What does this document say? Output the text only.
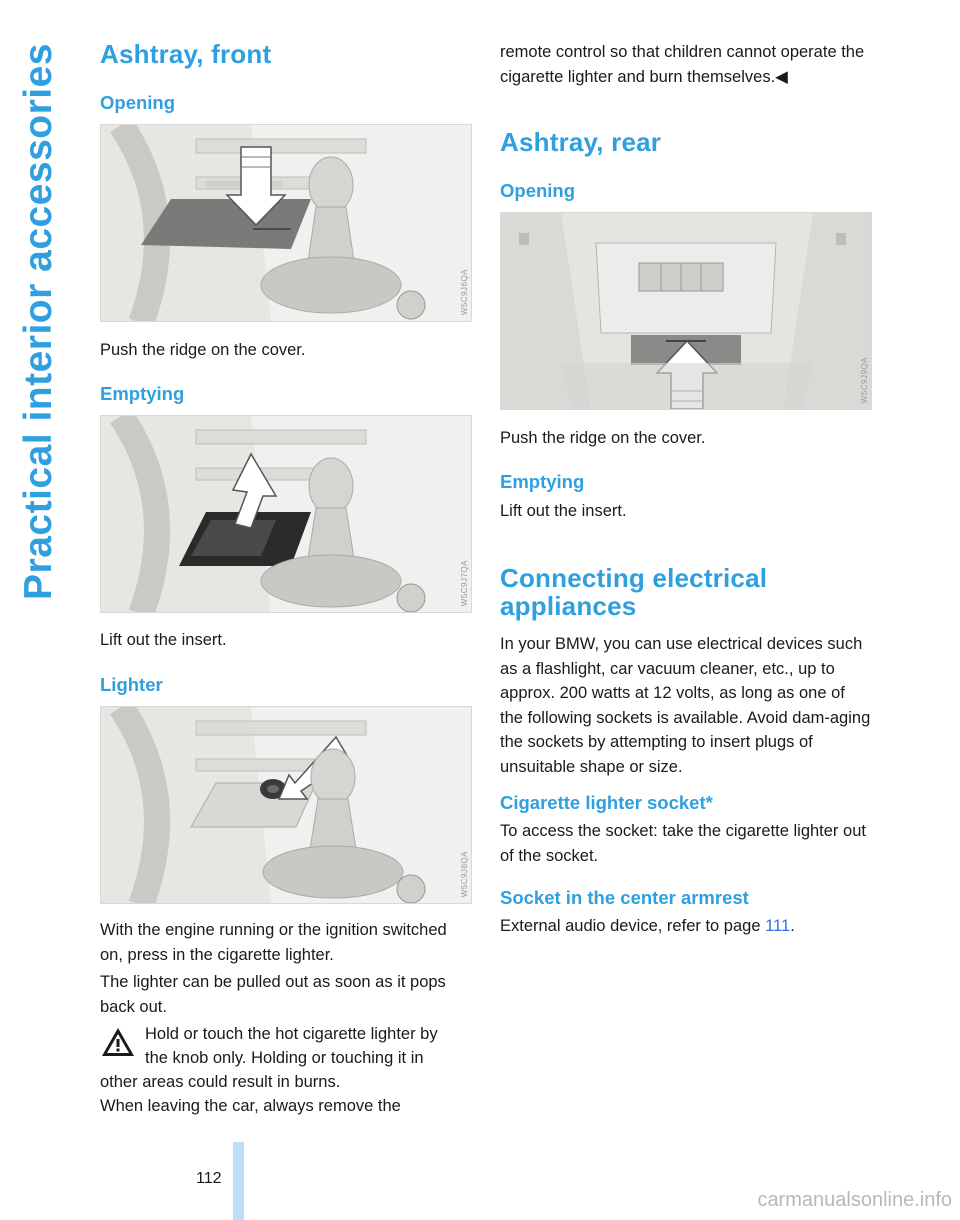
Practical interior accessories Ashtray, front
Opening
W5C9J6QA

Push the ridge on the cover.

Emptying
W5C9J7QA

Lift out the insert.

Lighter
W5C9J8QA

With the engine running or the ignition switched on, press in the cigarette lighter.

The lighter can be pulled out as soon as it pops back out.

Hold or touch the hot cigarette lighter by

the knob only. Holding or touching it in

other areas could result in burns.

When leaving the car, always remove the

remote control so that children cannot operate the cigarette lighter and burn themselves.◀

Ashtray, rear
Opening
W5C9J9QA

Push the ridge on the cover.

Emptying

Lift out the insert.

Connecting electrical
appliances

In your BMW, you can use electrical devices such as a flashlight, car vacuum cleaner, etc., up to approx. 200 watts at 12 volts, as long as one of the following sockets is available. Avoid dam-aging the sockets by attempting to insert plugs of unsuitable shape or size.

Cigarette lighter socket*

To access the socket: take the cigarette lighter out of the socket.

Socket in the center armrest

External audio device, refer to page 111.

112
carmanualsonline.info
